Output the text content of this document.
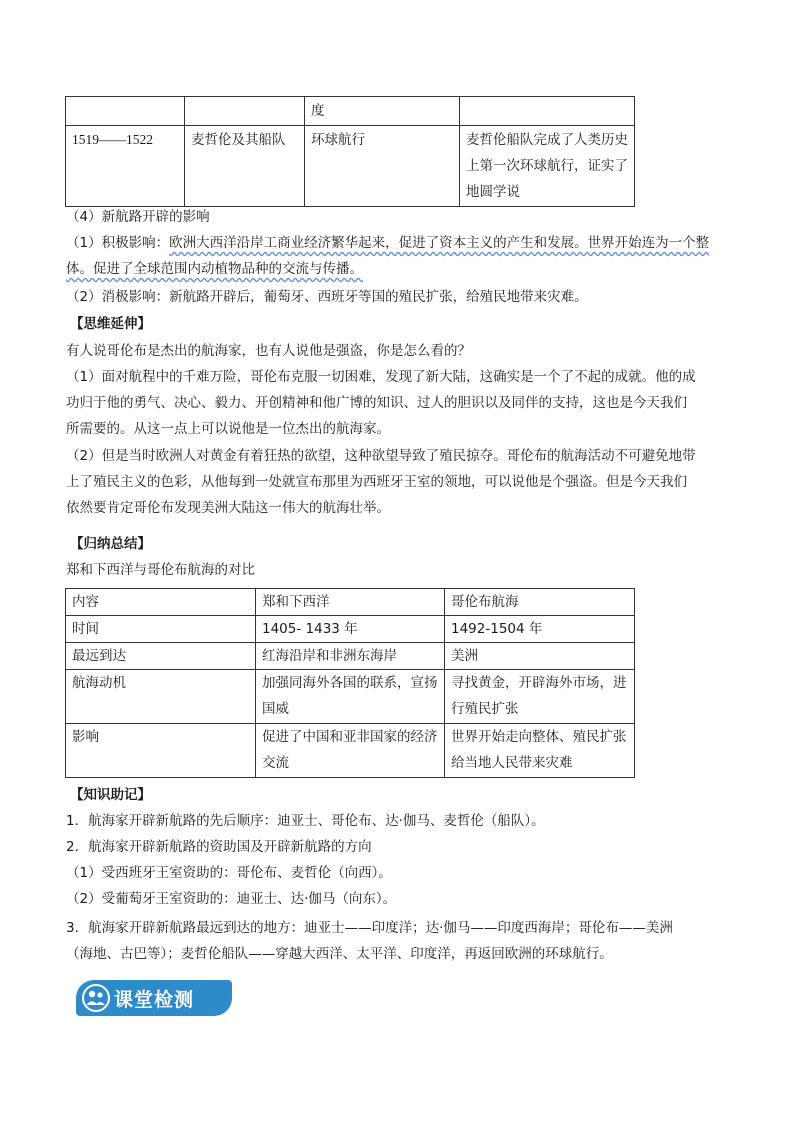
		度	
1519——1522	麦哲伦及其船队	环球航行	麦哲伦船队完成了人类历史上第一次环球航行，证实了地圆学说
（4）新航路开辟的影响
（1）积极影响：欧洲大西洋沿岸工商业经济繁华起来，促进了资本主义的产生和发展。世界开始连为一个整体。促进了全球范围内动植物品种的交流与传播。
（2）消极影响：新航路开辟后，葡萄牙、西班牙等国的殖民扩张，给殖民地带来灾难。
【思维延伸】
有人说哥伦布是杰出的航海家，也有人说他是强盗，你是怎么看的？
（1）面对航程中的千难万险，哥伦布克服一切困难，发现了新大陆，这确实是一个了不起的成就。他的成
功归于他的勇气、决心、毅力、开创精神和他广博的知识、过人的胆识以及同伴的支持，这也是今天我们
所需要的。从这一点上可以说他是一位杰出的航海家。
（2）但是当时欧洲人对黄金有着狂热的欲望，这种欲望导致了殖民掠夺。哥伦布的航海活动不可避免地带
上了殖民主义的色彩，从他每到一处就宣布那里为西班牙王室的领地，可以说他是个强盗。但是今天我们
依然要肯定哥伦布发现美洲大陆这一伟大的航海壮举。
【归纳总结】
郑和下西洋与哥伦布航海的对比
内容	郑和下西洋	哥伦布航海
时间	1405- 1433 年	1492-1504 年
最远到达	红海沿岸和非洲东海岸	美洲
航海动机	加强同海外各国的联系，宣扬国威	寻找黄金，开辟海外市场，进行殖民扩张
影响	促进了中国和亚非国家的经济交流	世界开始走向整体、殖民扩张给当地人民带来灾难
【知识助记】
1．航海家开辟新航路的先后顺序：迪亚士、哥伦布、达·伽马、麦哲伦（船队）。
2．航海家开辟新航路的资助国及开辟新航路的方向
（1）受西班牙王室资助的：哥伦布、麦哲伦（向西）。
（2）受葡萄牙王室资助的：迪亚士、达·伽马（向东）。
3．航海家开辟新航路最远到达的地方：迪亚士——印度洋；达·伽马——印度西海岸；哥伦布——美洲
（海地、古巴等）；麦哲伦船队——穿越大西洋、太平洋、印度洋，再返回欧洲的环球航行。
课堂检测
